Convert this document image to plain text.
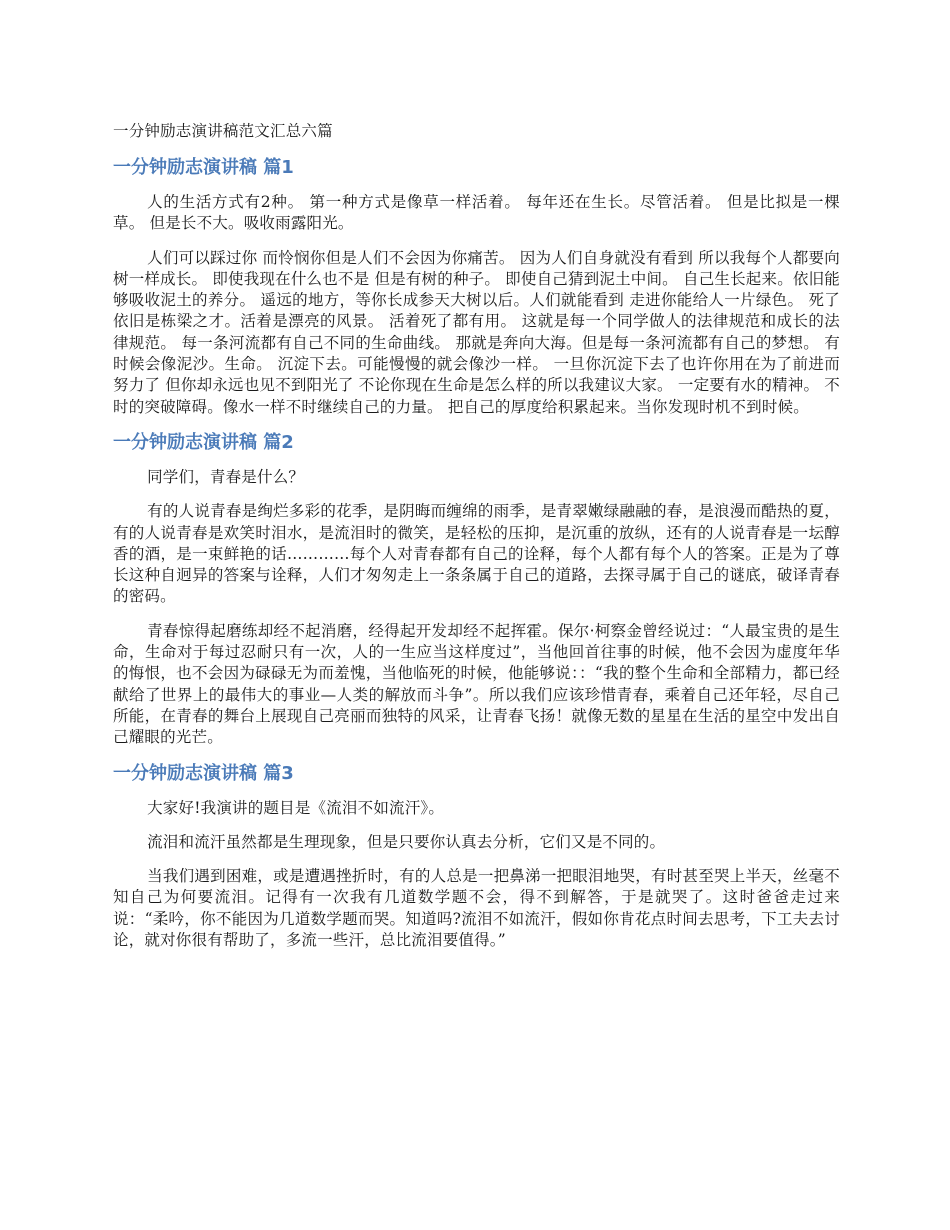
一分钟励志演讲稿范文汇总六篇
一分钟励志演讲稿 篇1

人的生活方式有2种。 第一种方式是像草一样活着。 每年还在生长。尽管活着。 但是比拟是一棵草。 但是长不大。吸收雨露阳光。

人们可以踩过你 而怜悯你但是人们不会因为你痛苦。 因为人们自身就没有看到 所以我每个人都要向树一样成长。 即使我现在什么也不是 但是有树的种子。 即使自己猜到泥土中间。 自己生长起来。依旧能够吸收泥土的养分。 遥远的地方，等你长成参天大树以后。人们就能看到 走进你能给人一片绿色。 死了依旧是栋梁之才。活着是漂亮的风景。 活着死了都有用。 这就是每一个同学做人的法律规范和成长的法律规范。 每一条河流都有自己不同的生命曲线。 那就是奔向大海。但是每一条河流都有自己的梦想。 有时候会像泥沙。生命。 沉淀下去。可能慢慢的就会像沙一样。 一旦你沉淀下去了也许你用在为了前进而努力了 但你却永远也见不到阳光了 不论你现在生命是怎么样的所以我建议大家。 一定要有水的精神。 不时的突破障碍。像水一样不时继续自己的力量。 把自己的厚度给积累起来。当你发现时机不到时候。

一分钟励志演讲稿 篇2

同学们，青春是什么？

有的人说青春是绚烂多彩的花季，是阴晦而缠绵的雨季，是青翠嫩绿融融的春，是浪漫而酷热的夏，有的人说青春是欢笑时泪水，是流泪时的微笑，是轻松的压抑，是沉重的放纵，还有的人说青春是一坛醇香的酒，是一束鲜艳的话…………每个人对青春都有自己的诠释，每个人都有每个人的答案。正是为了尊长这种自迥异的答案与诠释，人们才匆匆走上一条条属于自己的道路，去探寻属于自己的谜底，破译青春的密码。

青春惊得起磨练却经不起消磨，经得起开发却经不起挥霍。保尔·柯察金曾经说过：“人最宝贵的是生命，生命对于每过忍耐只有一次，人的一生应当这样度过”，当他回首往事的时候，他不会因为虚度年华的悔恨，也不会因为碌碌无为而羞愧，当他临死的时候，他能够说：：“我的整个生命和全部精力，都已经献给了世界上的最伟大的事业—人类的解放而斗争”。所以我们应该珍惜青春，乘着自己还年轻，尽自己所能，在青春的舞台上展现自己亮丽而独特的风采，让青春飞扬！就像无数的星星在生活的星空中发出自己耀眼的光芒。

一分钟励志演讲稿 篇3

大家好!我演讲的题目是《流泪不如流汗》。

流泪和流汗虽然都是生理现象，但是只要你认真去分析，它们又是不同的。

当我们遇到困难，或是遭遇挫折时，有的人总是一把鼻涕一把眼泪地哭，有时甚至哭上半天，丝毫不知自己为何要流泪。记得有一次我有几道数学题不会，得不到解答，于是就哭了。这时爸爸走过来说：“柔吟，你不能因为几道数学题而哭。知道吗?流泪不如流汗，假如你肯花点时间去思考，下工夫去讨论，就对你很有帮助了，多流一些汗，总比流泪要值得。”
